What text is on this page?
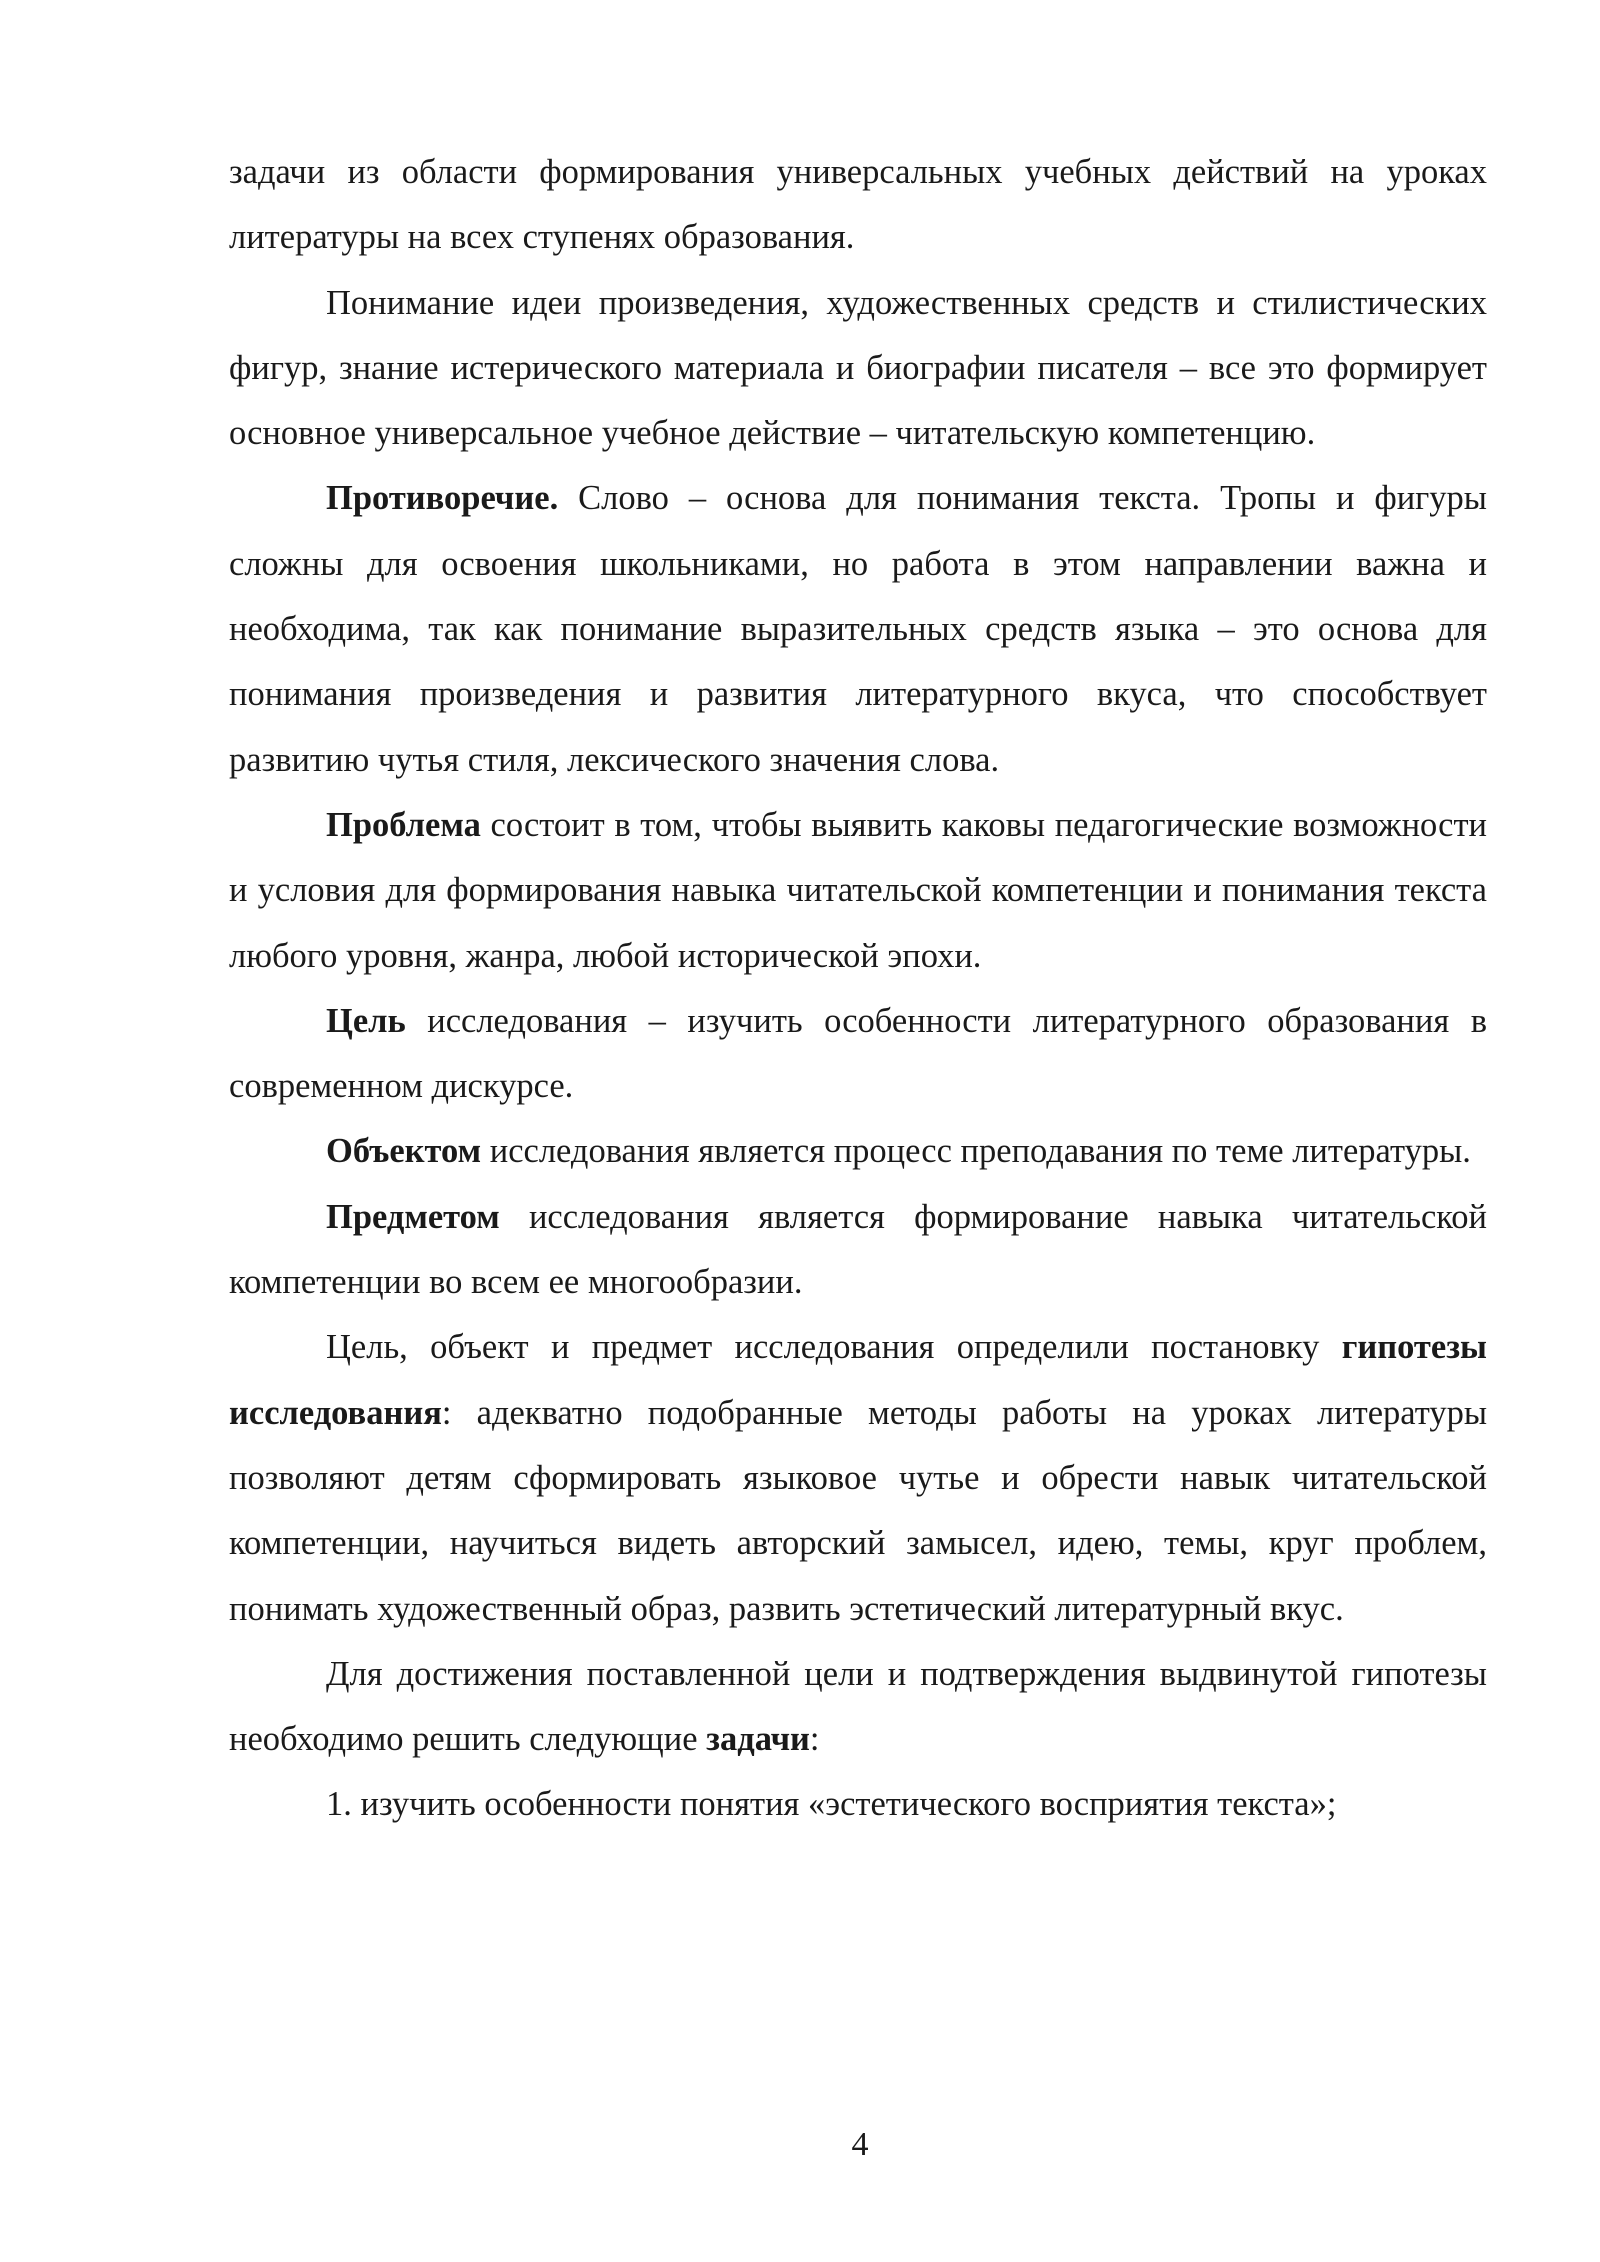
задачи из области формирования универсальных учебных действий на уроках литературы на всех ступенях образования.

Понимание идеи произведения, художественных средств и стилистических фигур, знание истерического материала и биографии писателя – все это формирует основное универсальное учебное действие – читательскую компетенцию.

Противоречие. Слово – основа для понимания текста. Тропы и фигуры сложны для освоения школьниками, но работа в этом направлении важна и необходима, так как понимание выразительных средств языка – это основа для понимания произведения и развития литературного вкуса, что способствует развитию чутья стиля, лексического значения слова.

Проблема состоит в том, чтобы выявить каковы педагогические возможности и условия для формирования навыка читательской компетенции и понимания текста любого уровня, жанра, любой исторической эпохи.

Цель исследования – изучить особенности литературного образования в современном дискурсе.

Объектом исследования является процесс преподавания по теме литературы.

Предметом исследования является формирование навыка читательской компетенции во всем ее многообразии.

Цель, объект и предмет исследования определили постановку гипотезы исследования: адекватно подобранные методы работы на уроках литературы позволяют детям сформировать языковое чутье и обрести навык читательской компетенции, научиться видеть авторский замысел, идею, темы, круг проблем, понимать художественный образ, развить эстетический литературный вкус.

Для достижения поставленной цели и подтверждения выдвинутой гипотезы необходимо решить следующие задачи:

1. изучить особенности понятия «эстетического восприятия текста»;

4
